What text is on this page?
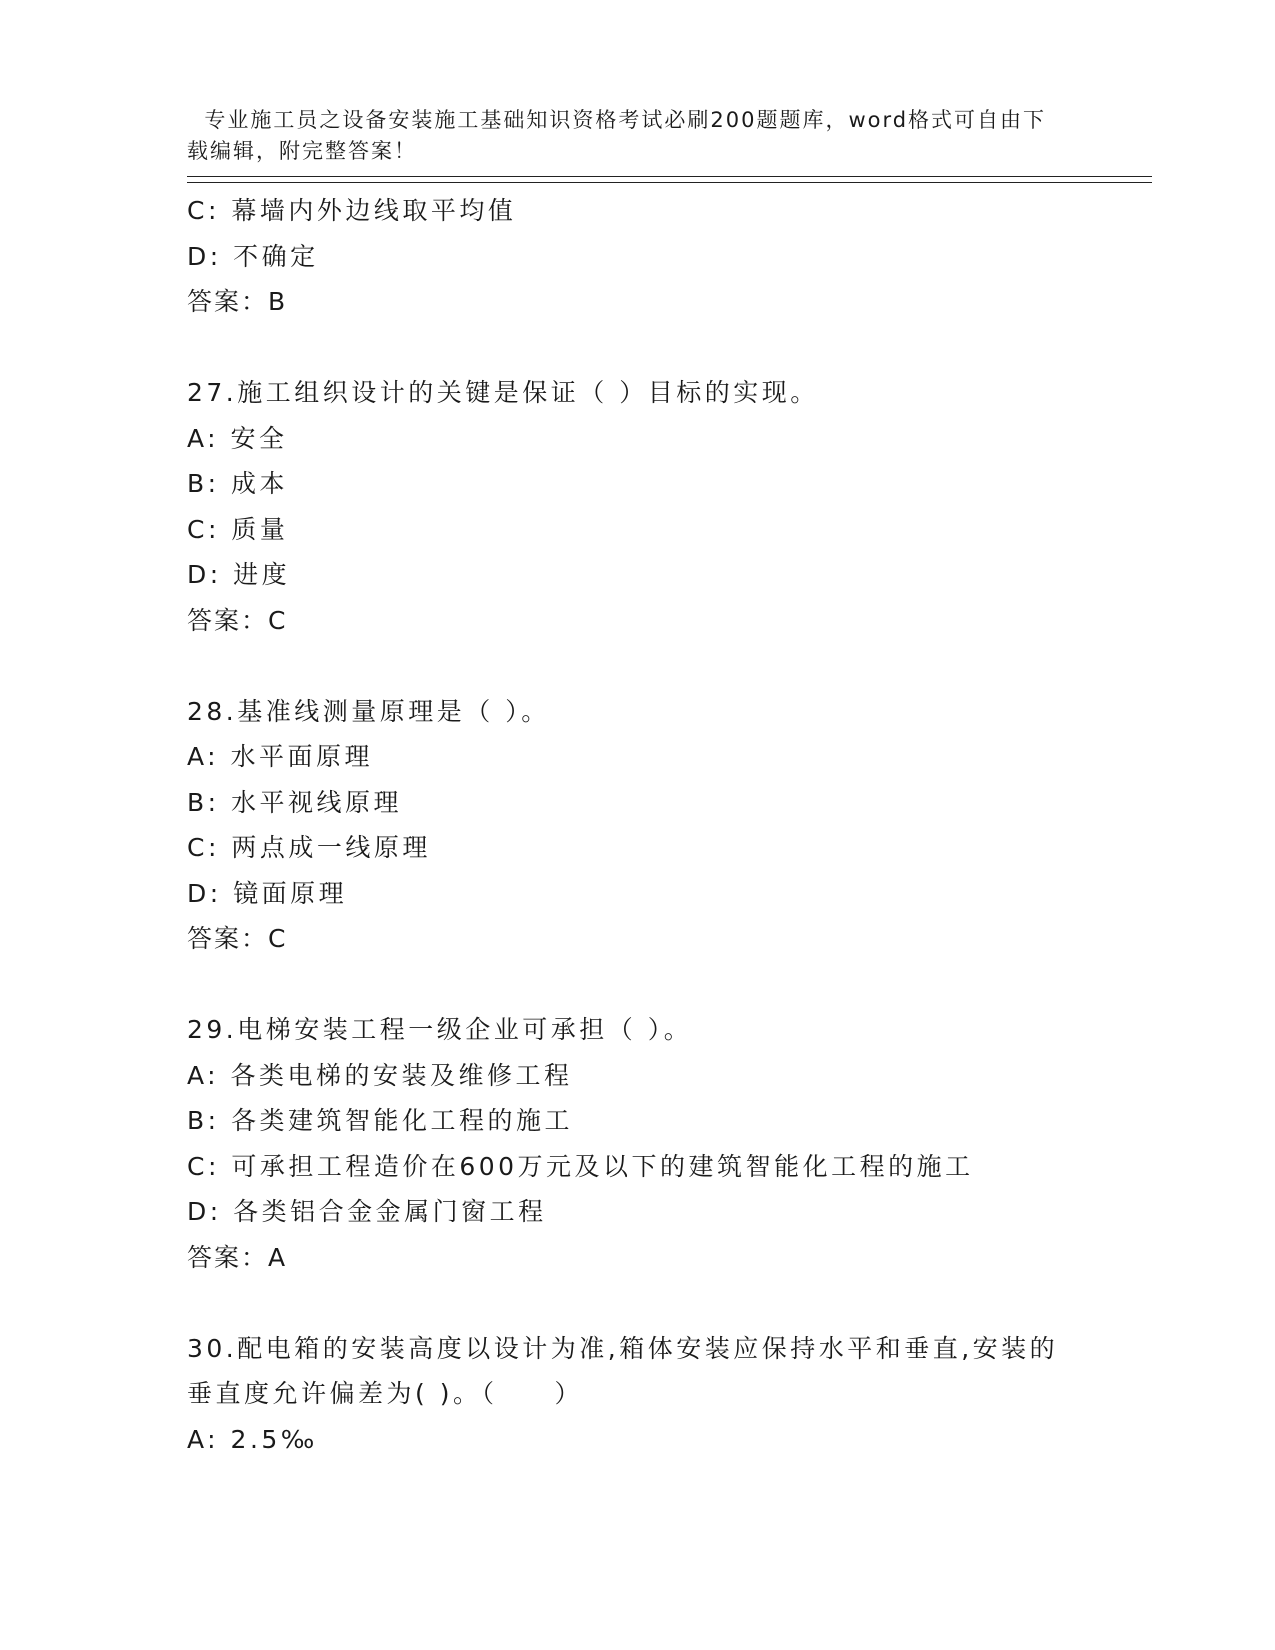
专业施工员之设备安装施工基础知识资格考试必刷200题题库，word格式可自由下载编辑，附完整答案！

C: 幕墙内外边线取平均值
D: 不确定
答案：B
27.施工组织设计的关键是保证（ ）目标的实现。
A: 安全
B: 成本
C: 质量
D: 进度
答案：C
28.基准线测量原理是（ ）。
A: 水平面原理
B: 水平视线原理
C: 两点成一线原理
D: 镜面原理
答案：C
29.电梯安装工程一级企业可承担（ ）。
A: 各类电梯的安装及维修工程
B: 各类建筑智能化工程的施工
C: 可承担工程造价在600万元及以下的建筑智能化工程的施工
D: 各类铝合金金属门窗工程
答案：A
30.配电箱的安装高度以设计为准,箱体安装应保持水平和垂直,安装的
垂直度允许偏差为( )。（　　）
A: 2.5‰
